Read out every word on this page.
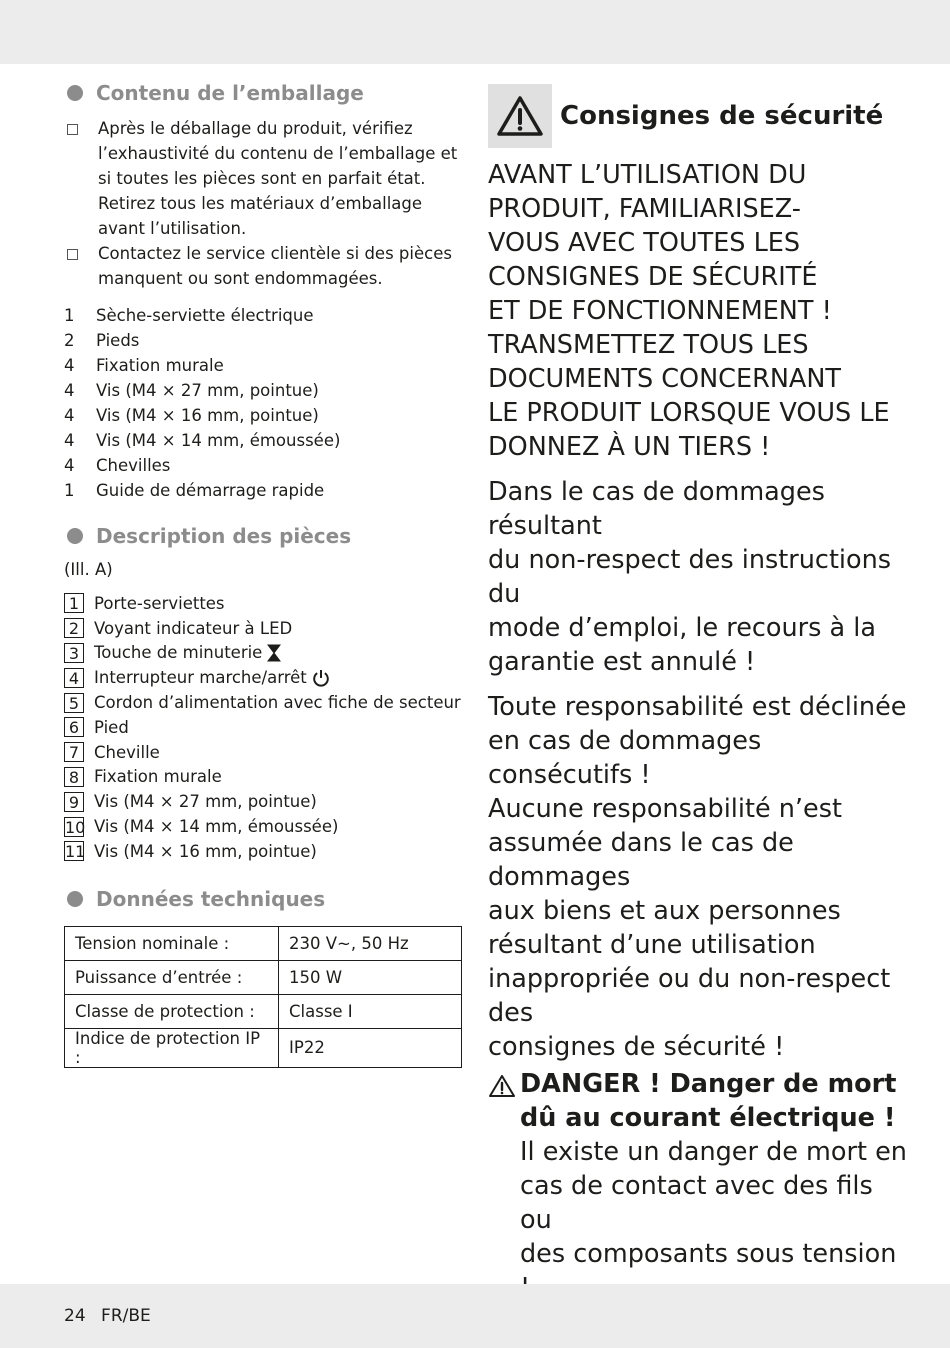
Contenu de l’emballage
Après le déballage du produit, vérifiez l’exhaustivité du contenu de l’emballage et si toutes les pièces sont en parfait état. Retirez tous les matériaux d’emballage avant l’utilisation.
Contactez le service clientèle si des pièces manquent ou sont endommagées.
1	Sèche-serviette électrique
2	Pieds
4	Fixation murale
4	Vis (M4 × 27 mm, pointue)
4	Vis (M4 × 16 mm, pointue)
4	Vis (M4 × 14 mm, émoussée)
4	Chevilles
1	Guide de démarrage rapide
Description des pièces
(Ill. A)
1 Porte-serviettes
2 Voyant indicateur à LED
3 Touche de minuterie
4 Interrupteur marche/arrêt
5 Cordon d’alimentation avec fiche de secteur
6 Pied
7 Cheville
8 Fixation murale
9 Vis (M4 × 27 mm, pointue)
10 Vis (M4 × 14 mm, émoussée)
11 Vis (M4 × 16 mm, pointue)
Données techniques
Tension nominale :	230 V∼, 50 Hz
Puissance d’entrée :	150 W
Classe de protection :	Classe I
Indice de protection IP :	IP22
Consignes de sécurité
AVANT L’UTILISATION DU
PRODUIT, FAMILIARISEZ-
VOUS AVEC TOUTES LES
CONSIGNES DE SÉCURITÉ
ET DE FONCTIONNEMENT !
TRANSMETTEZ TOUS LES
DOCUMENTS CONCERNANT
LE PRODUIT LORSQUE VOUS LE
DONNEZ À UN TIERS !
Dans le cas de dommages résultant
du non-respect des instructions du
mode d’emploi, le recours à la
garantie est annulé !
Toute responsabilité est déclinée
en cas de dommages consécutifs !
Aucune responsabilité n’est
assumée dans le cas de dommages
aux biens et aux personnes
résultant d’une utilisation
inappropriée ou du non-respect des
consignes de sécurité !
DANGER ! Danger de mort
dû au courant électrique !
Il existe un danger de mort en
cas de contact avec des fils ou
des composants sous tension
24 FR/BE
